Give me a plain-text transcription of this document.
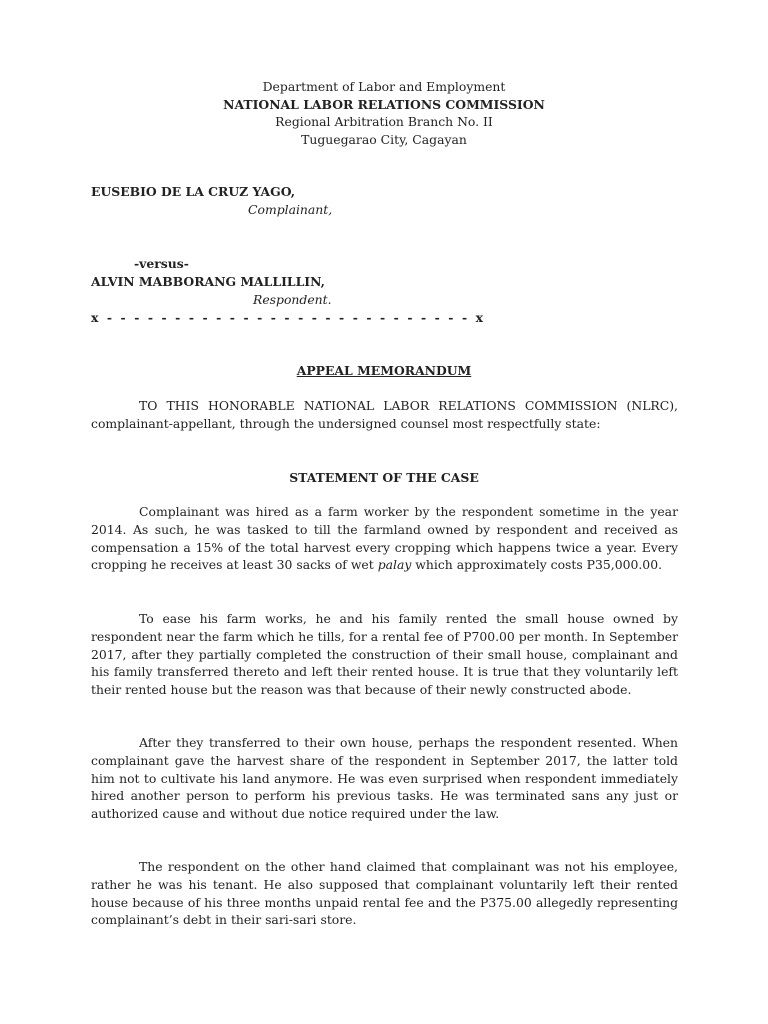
Department of Labor and Employment
NATIONAL LABOR RELATIONS COMMISSION
Regional Arbitration Branch No. II
Tuguegarao City, Cagayan
EUSEBIO DE LA CRUZ YAGO,
Complainant,
-versus-
ALVIN MABBORANG MALLILLIN,
Respondent.
x - - - - - - - - - - - - - - - - - - - - - - - - - - - x
APPEAL MEMORANDUM

TO THIS HONORABLE NATIONAL LABOR RELATIONS COMMISSION (NLRC), complainant-appellant, through the undersigned counsel most respectfully state:

STATEMENT OF THE CASE

Complainant was hired as a farm worker by the respondent sometime in the year 2014. As such, he was tasked to till the farmland owned by respondent and received as compensation a 15% of the total harvest every cropping which happens twice a year. Every cropping he receives at least 30 sacks of wet palay which approximately costs P35,000.00.

To ease his farm works, he and his family rented the small house owned by respondent near the farm which he tills, for a rental fee of P700.00 per month. In September 2017, after they partially completed the construction of their small house, complainant and his family transferred thereto and left their rented house. It is true that they voluntarily left their rented house but the reason was that because of their newly constructed abode.

After they transferred to their own house, perhaps the respondent resented. When complainant gave the harvest share of the respondent in September 2017, the latter told him not to cultivate his land anymore. He was even surprised when respondent immediately hired another person to perform his previous tasks. He was terminated sans any just or authorized cause and without due notice required under the law.

The respondent on the other hand claimed that complainant was not his employee, rather he was his tenant. He also supposed that complainant voluntarily left their rented house because of his three months unpaid rental fee and the P375.00 allegedly representing complainant’s debt in their sari-sari store.
